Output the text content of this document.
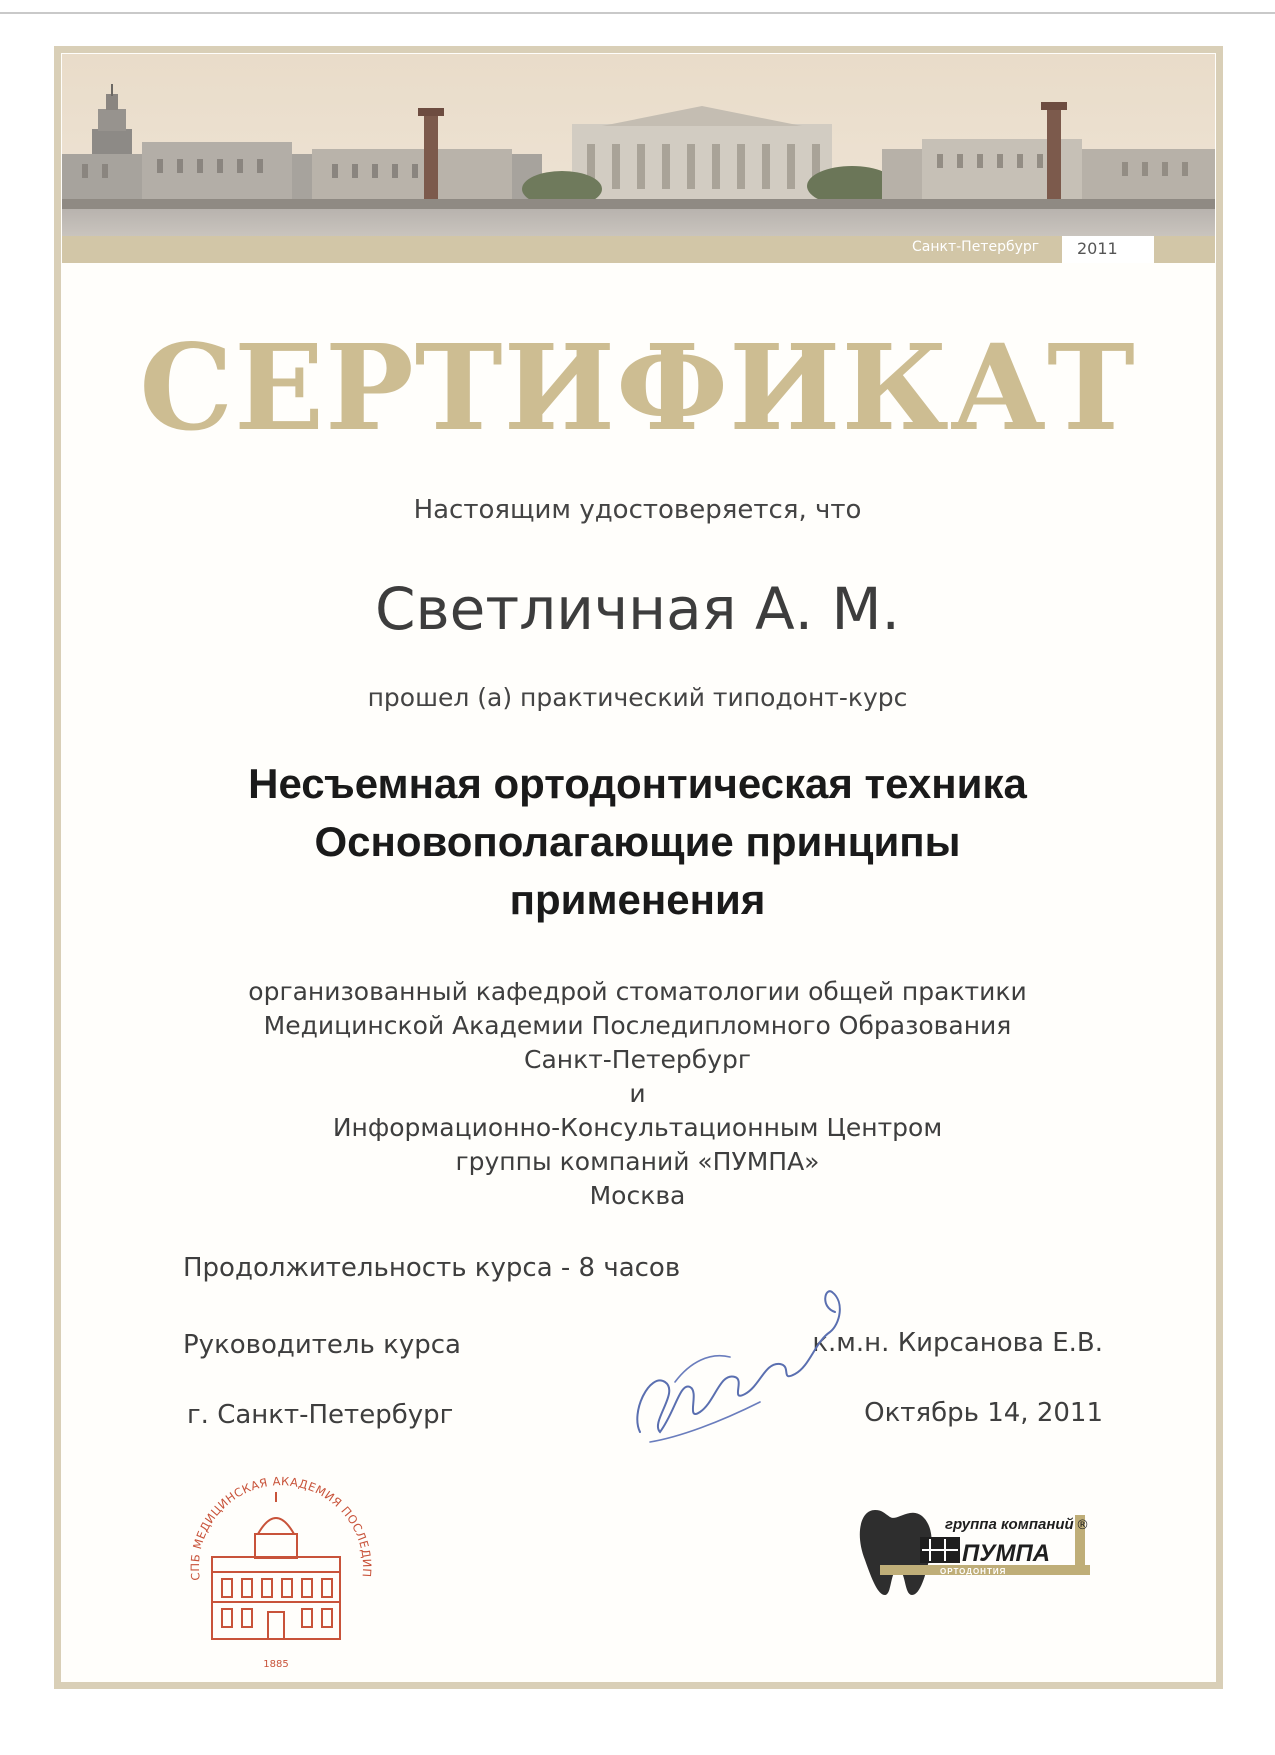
Санкт-Петербург 2011
СЕРТИФИКАТ
Настоящим удостоверяется, что
Светличная А. М.
прошел (а) практический типодонт-курс
Несъемная ортодонтическая техника
Основополагающие принципы
применения
организованный кафедрой стоматологии общей практики
Медицинской Академии Последипломного Образования
Санкт-Петербург
и
Информационно-Консультационным Центром
группы компаний «ПУМПА»
Москва
Продолжительность курса - 8 часов
Руководитель курса
г. Санкт-Петербург
к.м.н. Кирсанова Е.В.
Октябрь 14, 2011
СПБ МЕДИЦИНСКАЯ АКАДЕМИЯ ПОСЛЕДИП
1885
ПУМПА
группа компаний ®
ОРТОДОНТИЯ
